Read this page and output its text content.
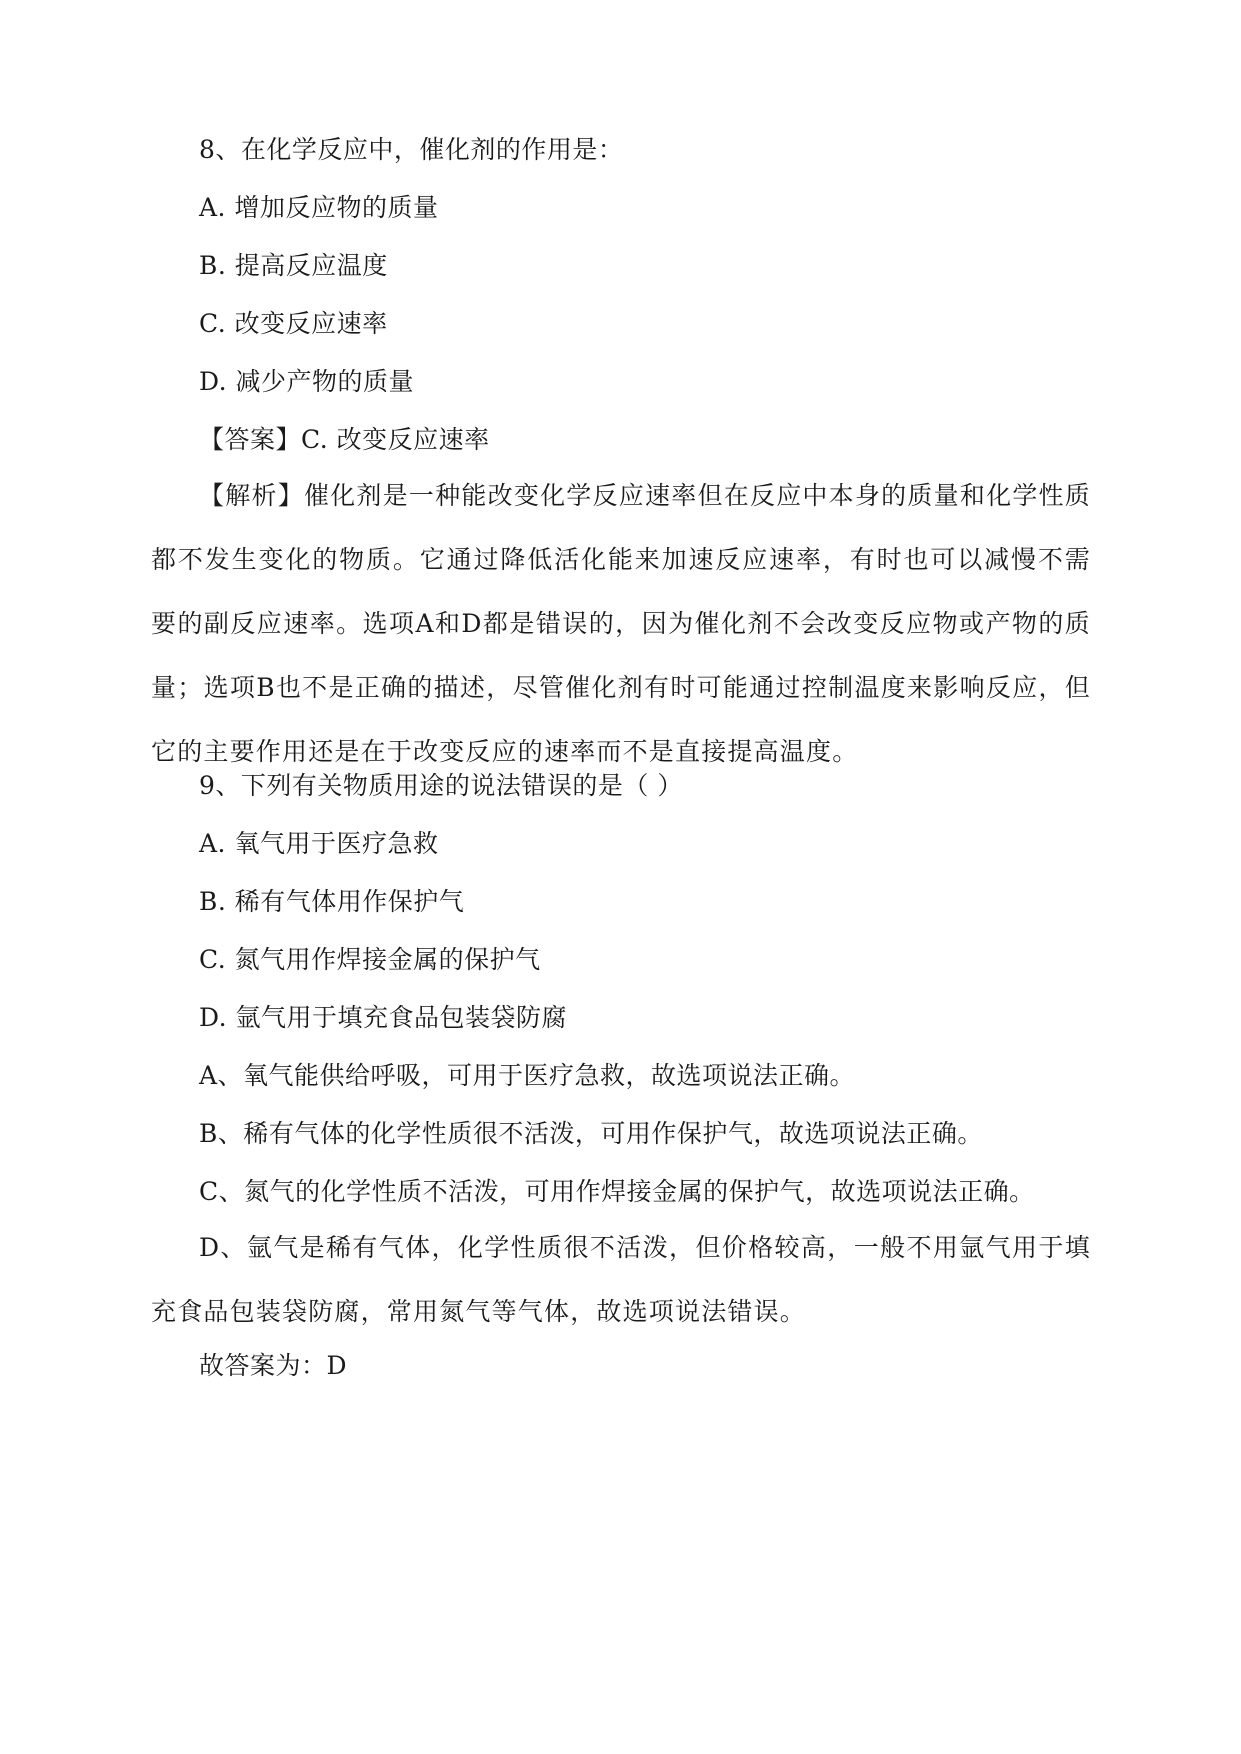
8、在化学反应中，催化剂的作用是：
A. 增加反应物的质量
B. 提高反应温度
C. 改变反应速率
D. 减少产物的质量
【答案】C. 改变反应速率
【解析】催化剂是一种能改变化学反应速率但在反应中本身的质量和化学性质都不发生变化的物质。它通过降低活化能来加速反应速率，有时也可以减慢不需要的副反应速率。选项A和D都是错误的，因为催化剂不会改变反应物或产物的质量；选项B也不是正确的描述，尽管催化剂有时可能通过控制温度来影响反应，但它的主要作用还是在于改变反应的速率而不是直接提高温度。
9、下列有关物质用途的说法错误的是（ ）
A. 氧气用于医疗急救
B. 稀有气体用作保护气
C. 氮气用作焊接金属的保护气
D. 氩气用于填充食品包装袋防腐
A、氧气能供给呼吸，可用于医疗急救，故选项说法正确。
B、稀有气体的化学性质很不活泼，可用作保护气，故选项说法正确。
C、氮气的化学性质不活泼，可用作焊接金属的保护气，故选项说法正确。
D、氩气是稀有气体，化学性质很不活泼，但价格较高，一般不用氩气用于填充食品包装袋防腐，常用氮气等气体，故选项说法错误。
故答案为：D
